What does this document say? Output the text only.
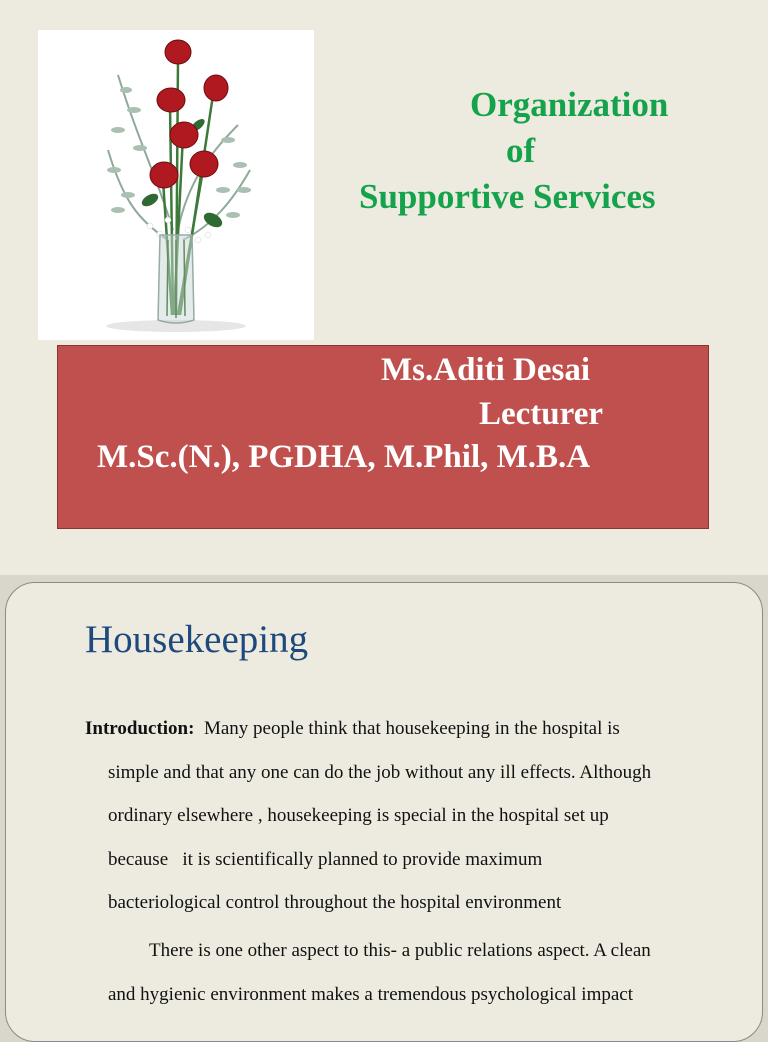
Organization
of
Supportive Services
Ms.Aditi Desai
Lecturer
M.Sc.(N.), PGDHA, M.Phil, M.B.A
Housekeeping
Introduction: Many people think that housekeeping in the hospital is
simple and that any one can do the job without any ill effects. Although
ordinary elsewhere , housekeeping is special in the hospital set up
because   it is scientifically planned to provide maximum
bacteriological control throughout the hospital environment
There is one other aspect to this- a public relations aspect. A clean
and hygienic environment makes a tremendous psychological impact
